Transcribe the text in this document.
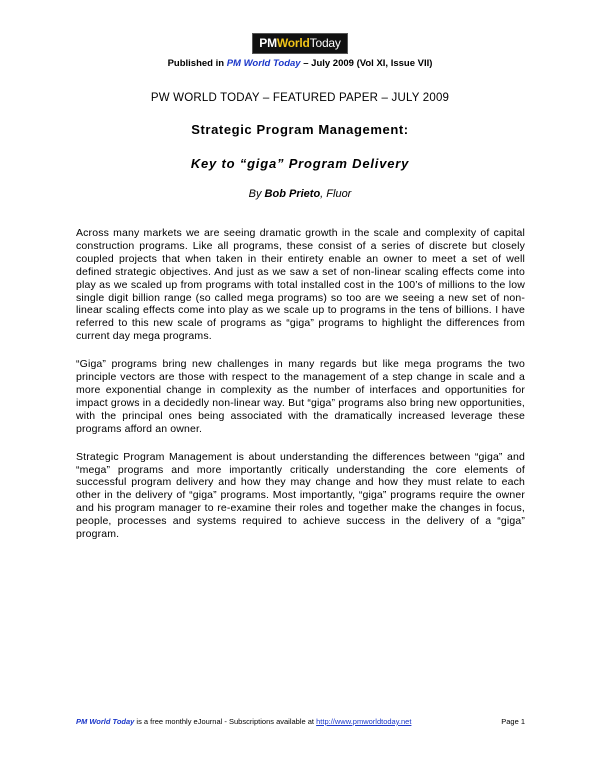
PMWorldToday
Published in PM World Today – July 2009 (Vol XI, Issue VII)
PW WORLD TODAY – FEATURED PAPER – JULY 2009
Strategic Program Management:
Key to “giga” Program Delivery
By Bob Prieto, Fluor

Across many markets we are seeing dramatic growth in the scale and complexity of capital construction programs. Like all programs, these consist of a series of discrete but closely coupled projects that when taken in their entirety enable an owner to meet a set of well defined strategic objectives. And just as we saw a set of non-linear scaling effects come into play as we scaled up from programs with total installed cost in the 100’s of millions to the low single digit billion range (so called mega programs) so too are we seeing a new set of non-linear scaling effects come into play as we scale up to programs in the tens of billions. I have referred to this new scale of programs as “giga” programs to highlight the differences from current day mega programs.

“Giga” programs bring new challenges in many regards but like mega programs the two principle vectors are those with respect to the management of a step change in scale and a more exponential change in complexity as the number of interfaces and opportunities for impact grows in a decidedly non-linear way. But “giga” programs also bring new opportunities, with the principal ones being associated with the dramatically increased leverage these programs afford an owner.

Strategic Program Management is about understanding the differences between “giga” and “mega” programs and more importantly critically understanding the core elements of successful program delivery and how they may change and how they must relate to each other in the delivery of “giga” programs. Most importantly, “giga” programs require the owner and his program manager to re-examine their roles and together make the changes in focus, people, processes and systems required to achieve success in the delivery of a “giga” program.

PM World Today is a free monthly eJournal - Subscriptions available at http://www.pmworldtoday.net	Page 1
